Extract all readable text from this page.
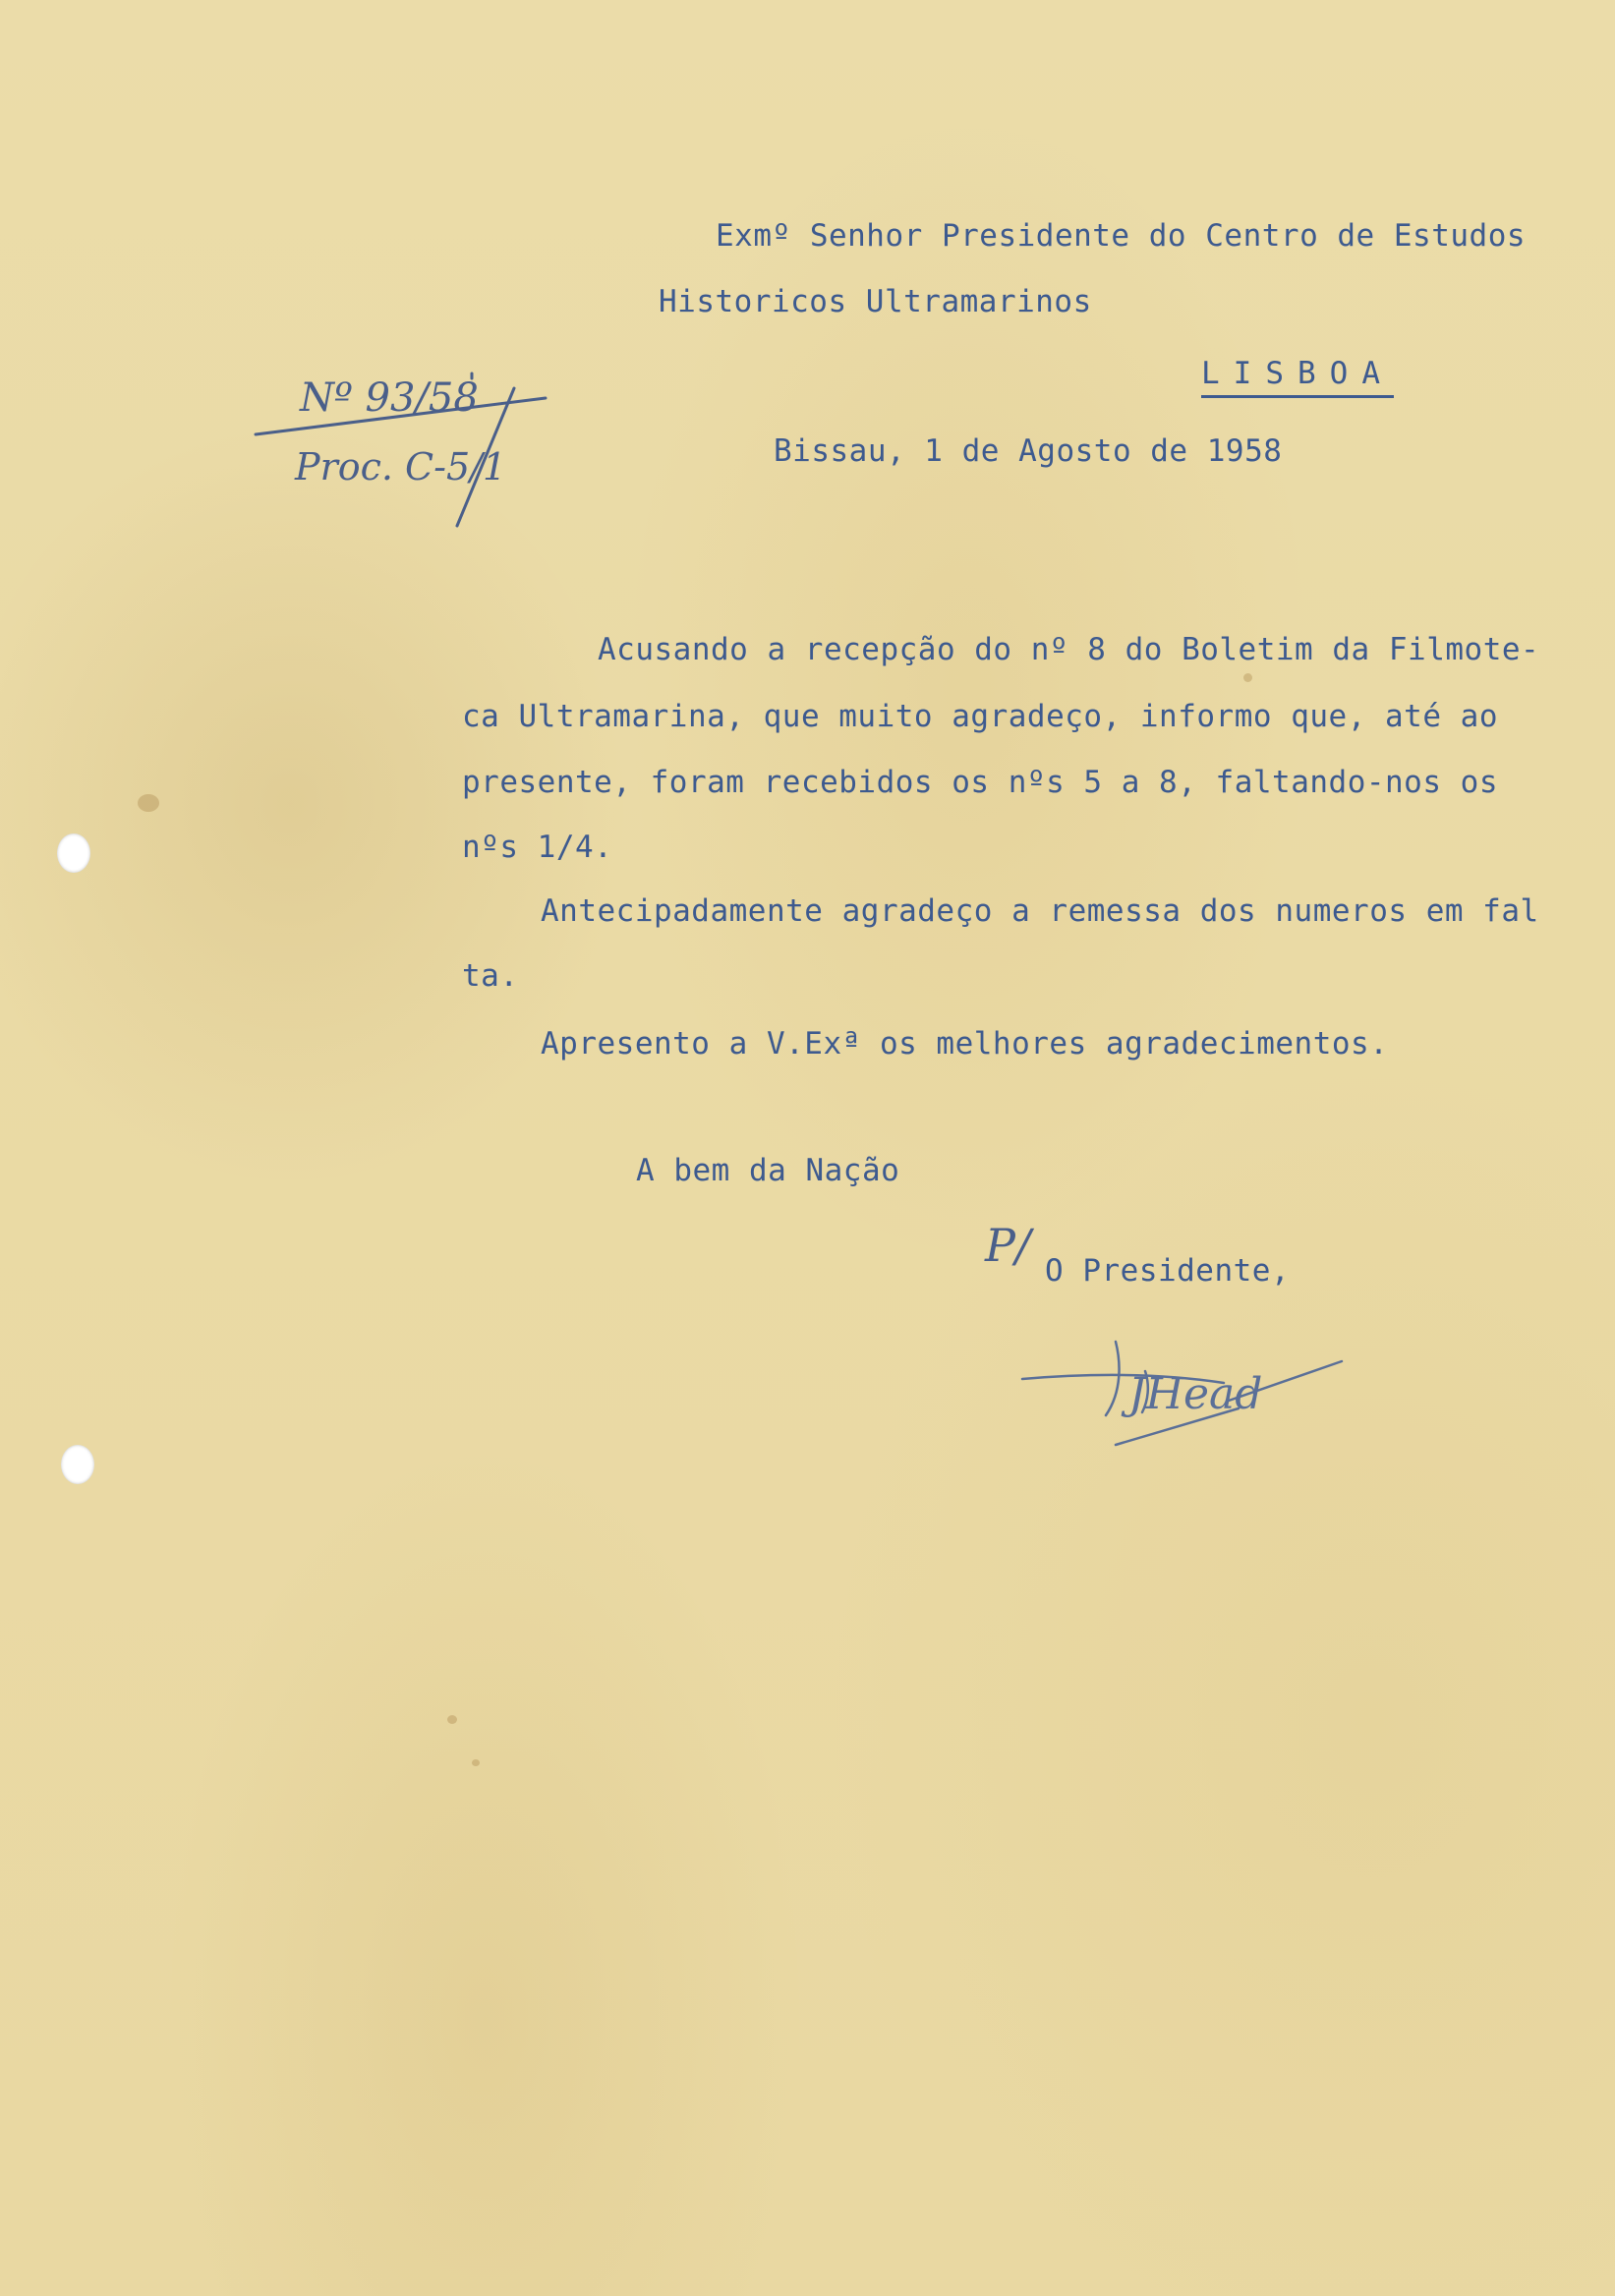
Exmº Senhor Presidente do Centro de Estudos
Historicos Ultramarinos
LISBOA
Nº 93/58
Proc. C-5/1	Bissau, 1 de Agosto de 1958
Acusando a recepção do nº 8 do Boletim da Filmote-
ca Ultramarina, que muito agradeço, informo que, até ao
presente, foram recebidos os nºs 5 a 8, faltando-nos os
nºs 1/4.
Antecipadamente agradeço a remessa dos numeros em fal
ta.
Apresento a V.Exª os melhores agradecimentos.
A bem da Nação
P/ O Presidente,
JHead
